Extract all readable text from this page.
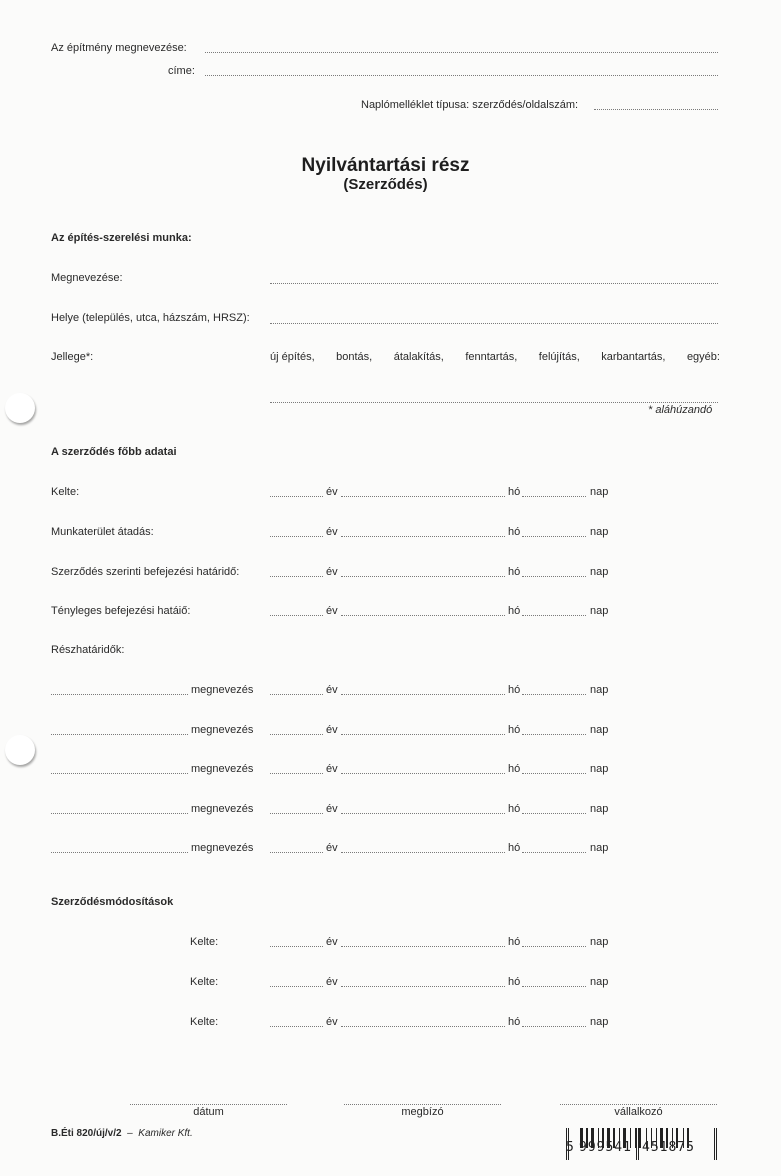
Az építmény megnevezése:
címe:
Naplómelléklet típusa: szerződés/oldalszám:
Nyilvántartási rész
(Szerződés)
Az építés-szerelési munka:
Megnevezése:
Helye (település, utca, házszám, HRSZ):
Jellege*:	új építés, bontás, átalakítás, fenntartás, felújítás, karbantartás, egyéb:
* aláhúzandó
A szerződés főbb adatai
Kelte:	év	hó	nap
Munkaterület átadás:	év	hó	nap
Szerződés szerinti befejezési határidő:	év	hó	nap
Tényleges befejezési hatáiő:	év	hó	nap
Részhatáridők:
megnevezés	év	hó	nap
megnevezés	év	hó	nap
megnevezés	év	hó	nap
megnevezés	év	hó	nap
megnevezés	év	hó	nap
Szerződésmódosítások
Kelte:	év	hó	nap
Kelte:	év	hó	nap
Kelte:	év	hó	nap
dátum	megbízó	vállalkozó
B.Éti 820/új/v/2 – Kamiker Kft.
5 999541 451875
